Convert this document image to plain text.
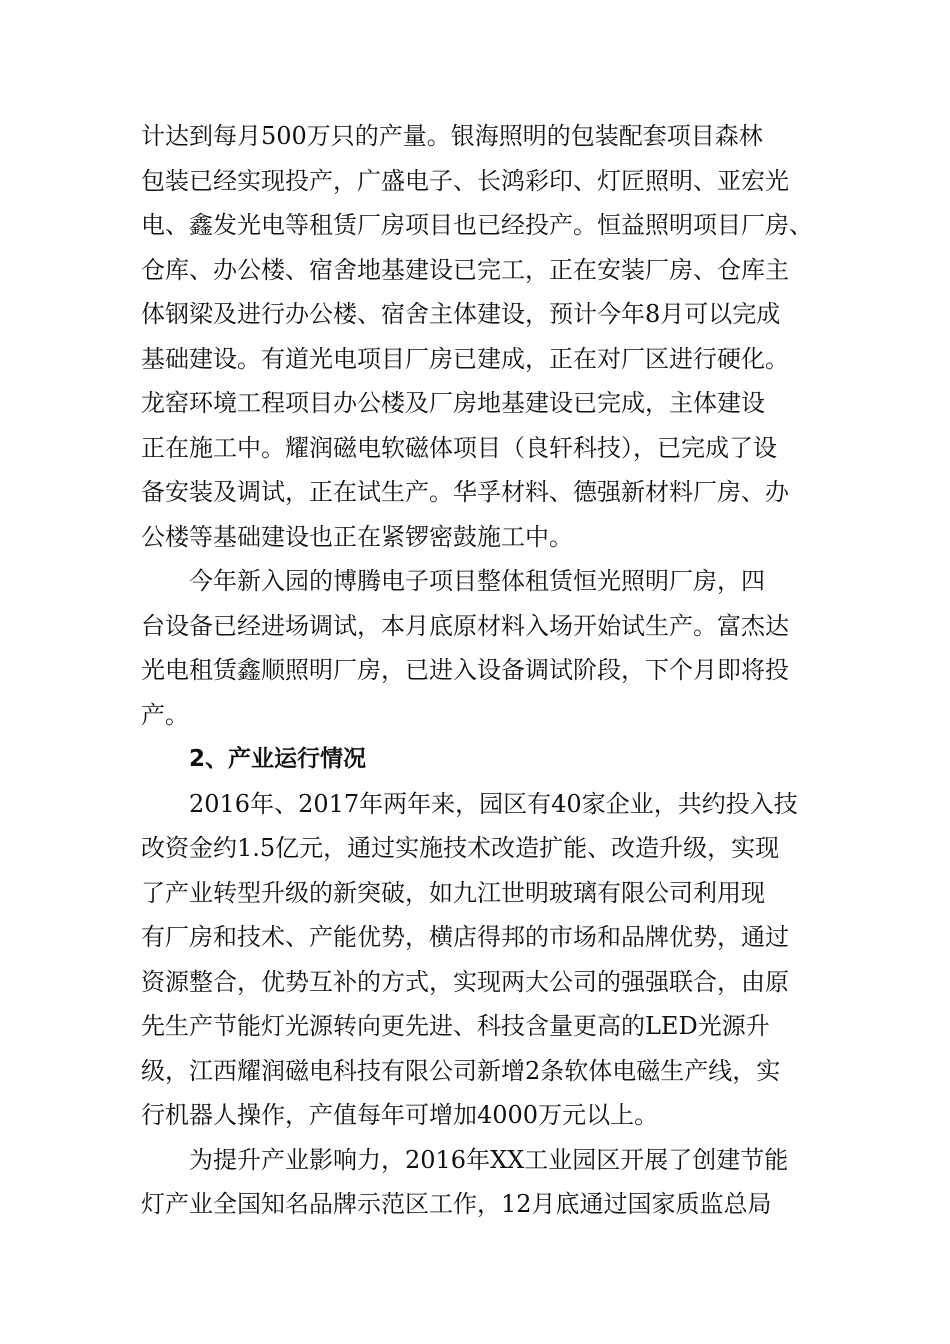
计达到每月500万只的产量。银海照明的包装配套项目森林
包装已经实现投产，广盛电子、长鸿彩印、灯匠照明、亚宏光
电、鑫发光电等租赁厂房项目也已经投产。恒益照明项目厂房、
仓库、办公楼、宿舍地基建设已完工，正在安装厂房、仓库主
体钢梁及进行办公楼、宿舍主体建设，预计今年8月可以完成
基础建设。有道光电项目厂房已建成，正在对厂区进行硬化。
龙窑环境工程项目办公楼及厂房地基建设已完成，主体建设
正在施工中。耀润磁电软磁体项目（良轩科技），已完成了设
备安装及调试，正在试生产。华孚材料、德强新材料厂房、办
公楼等基础建设也正在紧锣密鼓施工中。
今年新入园的博腾电子项目整体租赁恒光照明厂房，四
台设备已经进场调试，本月底原材料入场开始试生产。富杰达
光电租赁鑫顺照明厂房，已进入设备调试阶段，下个月即将投
产。
2、产业运行情况
2016年、2017年两年来，园区有40家企业，共约投入技
改资金约1.5亿元，通过实施技术改造扩能、改造升级，实现
了产业转型升级的新突破，如九江世明玻璃有限公司利用现
有厂房和技术、产能优势，横店得邦的市场和品牌优势，通过
资源整合，优势互补的方式，实现两大公司的强强联合，由原
先生产节能灯光源转向更先进、科技含量更高的LED光源升
级，江西耀润磁电科技有限公司新增2条软体电磁生产线，实
行机器人操作，产值每年可增加4000万元以上。
为提升产业影响力，2016年XX工业园区开展了创建节能
灯产业全国知名品牌示范区工作，12月底通过国家质监总局
